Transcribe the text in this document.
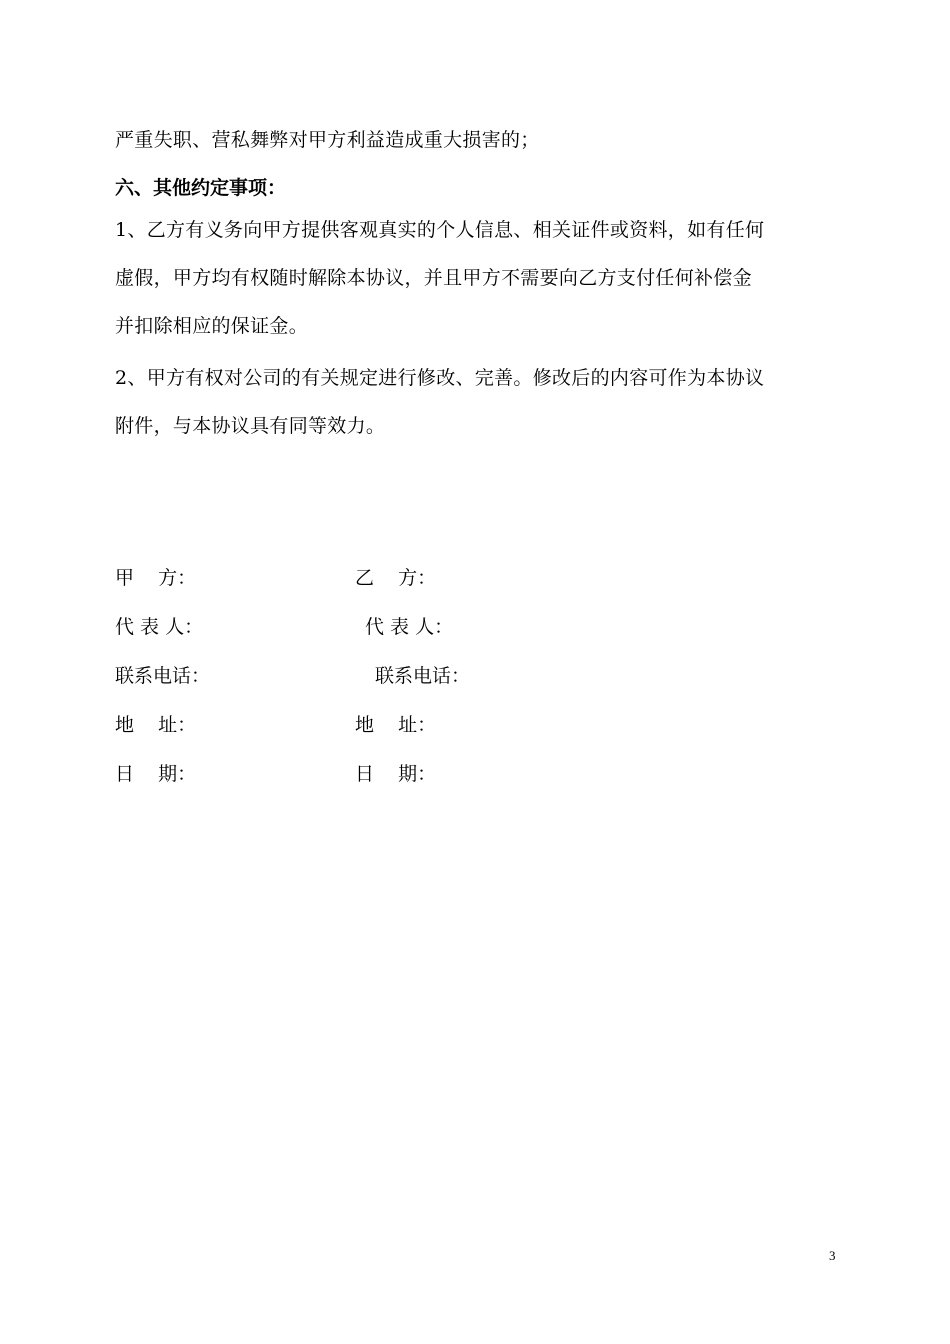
严重失职、营私舞弊对甲方利益造成重大损害的；
六、其他约定事项：
1、乙方有义务向甲方提供客观真实的个人信息、相关证件或资料，如有任何
虚假，甲方均有权随时解除本协议，并且甲方不需要向乙方支付任何补偿金
并扣除相应的保证金。
2、甲方有权对公司的有关规定进行修改、完善。修改后的内容可作为本协议
附件，与本协议具有同等效力。
甲    方：
代 表 人：
联系电话：
地    址：
日    期：
乙    方：
代 表 人：
联系电话：
地    址：
日    期：
3
